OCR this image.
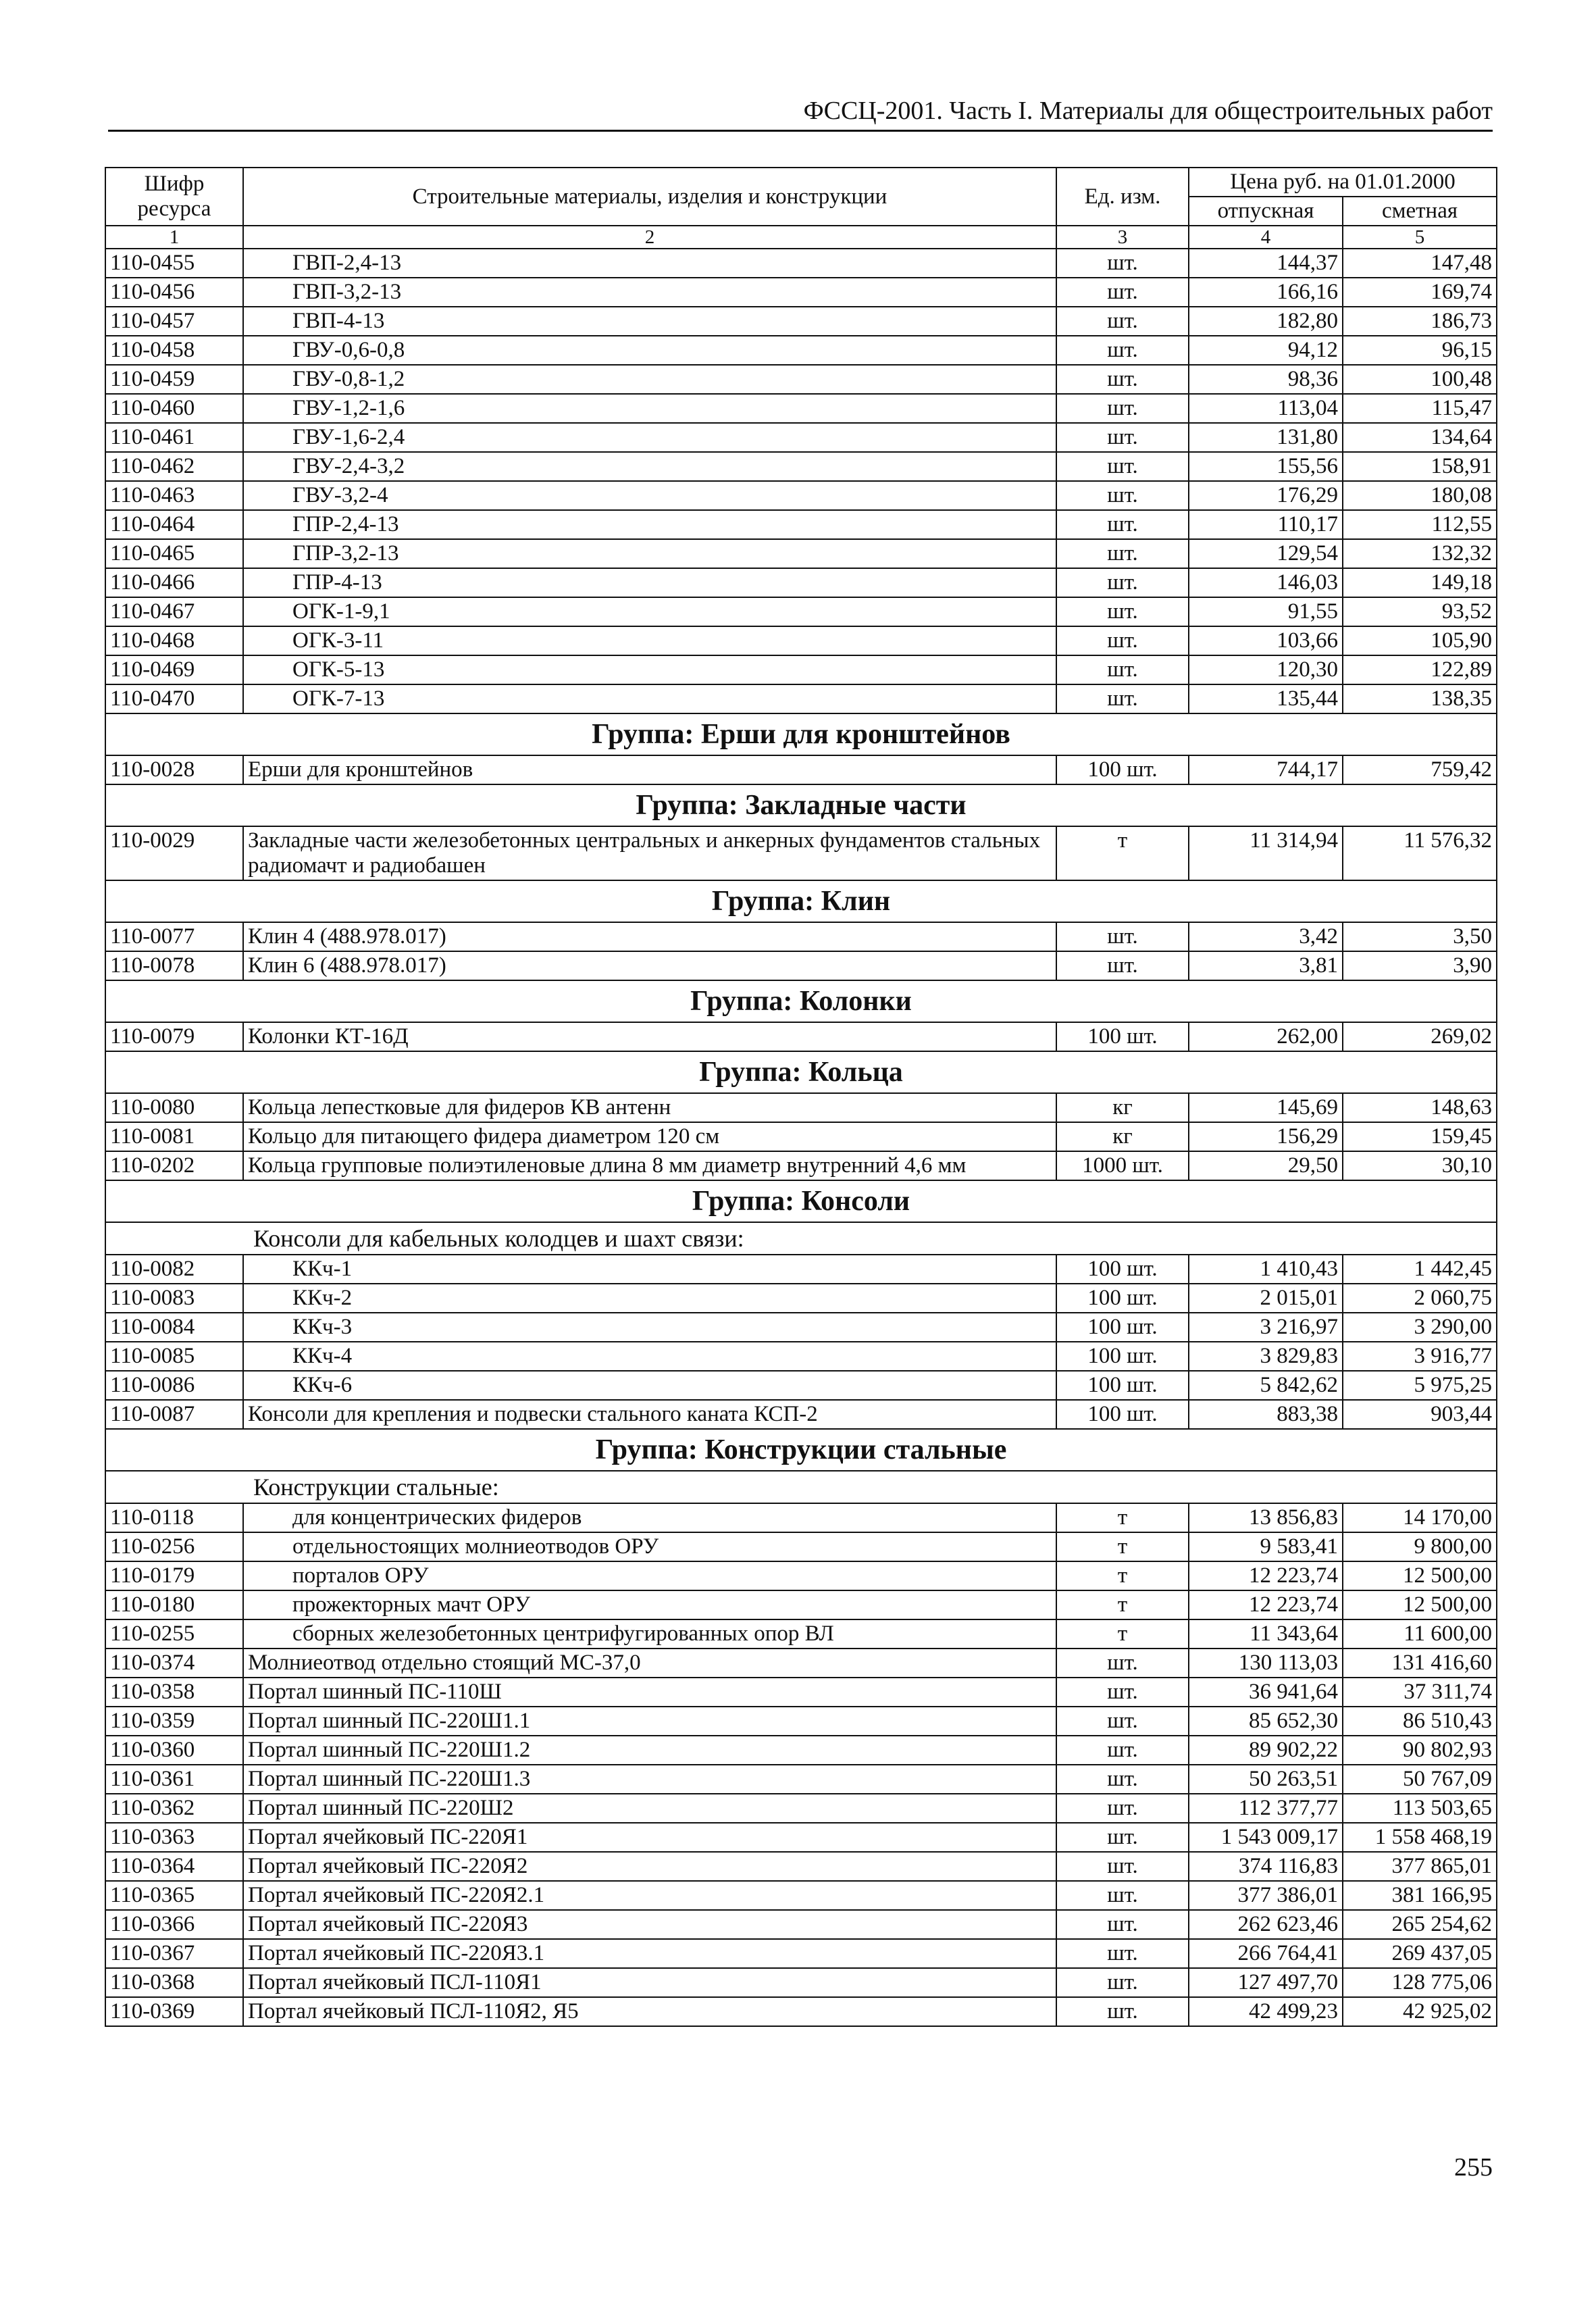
ФССЦ-2001. Часть I. Материалы для общестроительных работ
Шифр ресурса	Строительные материалы, изделия и конструкции	Ед. изм.	Цена руб. на 01.01.2000	
			отпускная	сметная
1	2	3	4	5
110-0455	ГВП-2,4-13	шт.	144,37	147,48
110-0456	ГВП-3,2-13	шт.	166,16	169,74
110-0457	ГВП-4-13	шт.	182,80	186,73
110-0458	ГВУ-0,6-0,8	шт.	94,12	96,15
110-0459	ГВУ-0,8-1,2	шт.	98,36	100,48
110-0460	ГВУ-1,2-1,6	шт.	113,04	115,47
110-0461	ГВУ-1,6-2,4	шт.	131,80	134,64
110-0462	ГВУ-2,4-3,2	шт.	155,56	158,91
110-0463	ГВУ-3,2-4	шт.	176,29	180,08
110-0464	ГПР-2,4-13	шт.	110,17	112,55
110-0465	ГПР-3,2-13	шт.	129,54	132,32
110-0466	ГПР-4-13	шт.	146,03	149,18
110-0467	ОГК-1-9,1	шт.	91,55	93,52
110-0468	ОГК-3-11	шт.	103,66	105,90
110-0469	ОГК-5-13	шт.	120,30	122,89
110-0470	ОГК-7-13	шт.	135,44	138,35
Группа: Ерши для кронштейнов				
110-0028	Ерши для кронштейнов	100 шт.	744,17	759,42
Группа: Закладные части				
110-0029	Закладные части железобетонных центральных и анкерных фундаментов стальных радиомачт и радиобашен	т	11 314,94	11 576,32
Группа: Клин				
110-0077	Клин 4 (488.978.017)	шт.	3,42	3,50
110-0078	Клин 6 (488.978.017)	шт.	3,81	3,90
Группа: Колонки				
110-0079	Колонки КТ-16Д	100 шт.	262,00	269,02
Группа: Кольца				
110-0080	Кольца лепестковые для фидеров КВ антенн	кг	145,69	148,63
110-0081	Кольцо для питающего фидера диаметром 120 см	кг	156,29	159,45
110-0202	Кольца групповые полиэтиленовые длина 8 мм диаметр внутренний 4,6 мм	1000 шт.	29,50	30,10
Группа: Консоли				
Консоли для кабельных колодцев и шахт связи:				
110-0082	ККч-1	100 шт.	1 410,43	1 442,45
110-0083	ККч-2	100 шт.	2 015,01	2 060,75
110-0084	ККч-3	100 шт.	3 216,97	3 290,00
110-0085	ККч-4	100 шт.	3 829,83	3 916,77
110-0086	ККч-6	100 шт.	5 842,62	5 975,25
110-0087	Консоли для крепления и подвески стального каната КСП-2	100 шт.	883,38	903,44
Группа: Конструкции стальные				
Конструкции стальные:				
110-0118	для концентрических фидеров	т	13 856,83	14 170,00
110-0256	отдельностоящих молниеотводов ОРУ	т	9 583,41	9 800,00
110-0179	порталов ОРУ	т	12 223,74	12 500,00
110-0180	прожекторных мачт ОРУ	т	12 223,74	12 500,00
110-0255	сборных железобетонных центрифугированных опор ВЛ	т	11 343,64	11 600,00
110-0374	Молниеотвод отдельно стоящий МС-37,0	шт.	130 113,03	131 416,60
110-0358	Портал шинный ПС-110Ш	шт.	36 941,64	37 311,74
110-0359	Портал шинный ПС-220Ш1.1	шт.	85 652,30	86 510,43
110-0360	Портал шинный ПС-220Ш1.2	шт.	89 902,22	90 802,93
110-0361	Портал шинный ПС-220Ш1.3	шт.	50 263,51	50 767,09
110-0362	Портал шинный ПС-220Ш2	шт.	112 377,77	113 503,65
110-0363	Портал ячейковый ПС-220Я1	шт.	1 543 009,17	1 558 468,19
110-0364	Портал ячейковый ПС-220Я2	шт.	374 116,83	377 865,01
110-0365	Портал ячейковый ПС-220Я2.1	шт.	377 386,01	381 166,95
110-0366	Портал ячейковый ПС-220Я3	шт.	262 623,46	265 254,62
110-0367	Портал ячейковый ПС-220Я3.1	шт.	266 764,41	269 437,05
110-0368	Портал ячейковый ПСЛ-110Я1	шт.	127 497,70	128 775,06
110-0369	Портал ячейковый ПСЛ-110Я2, Я5	шт.	42 499,23	42 925,02
255
